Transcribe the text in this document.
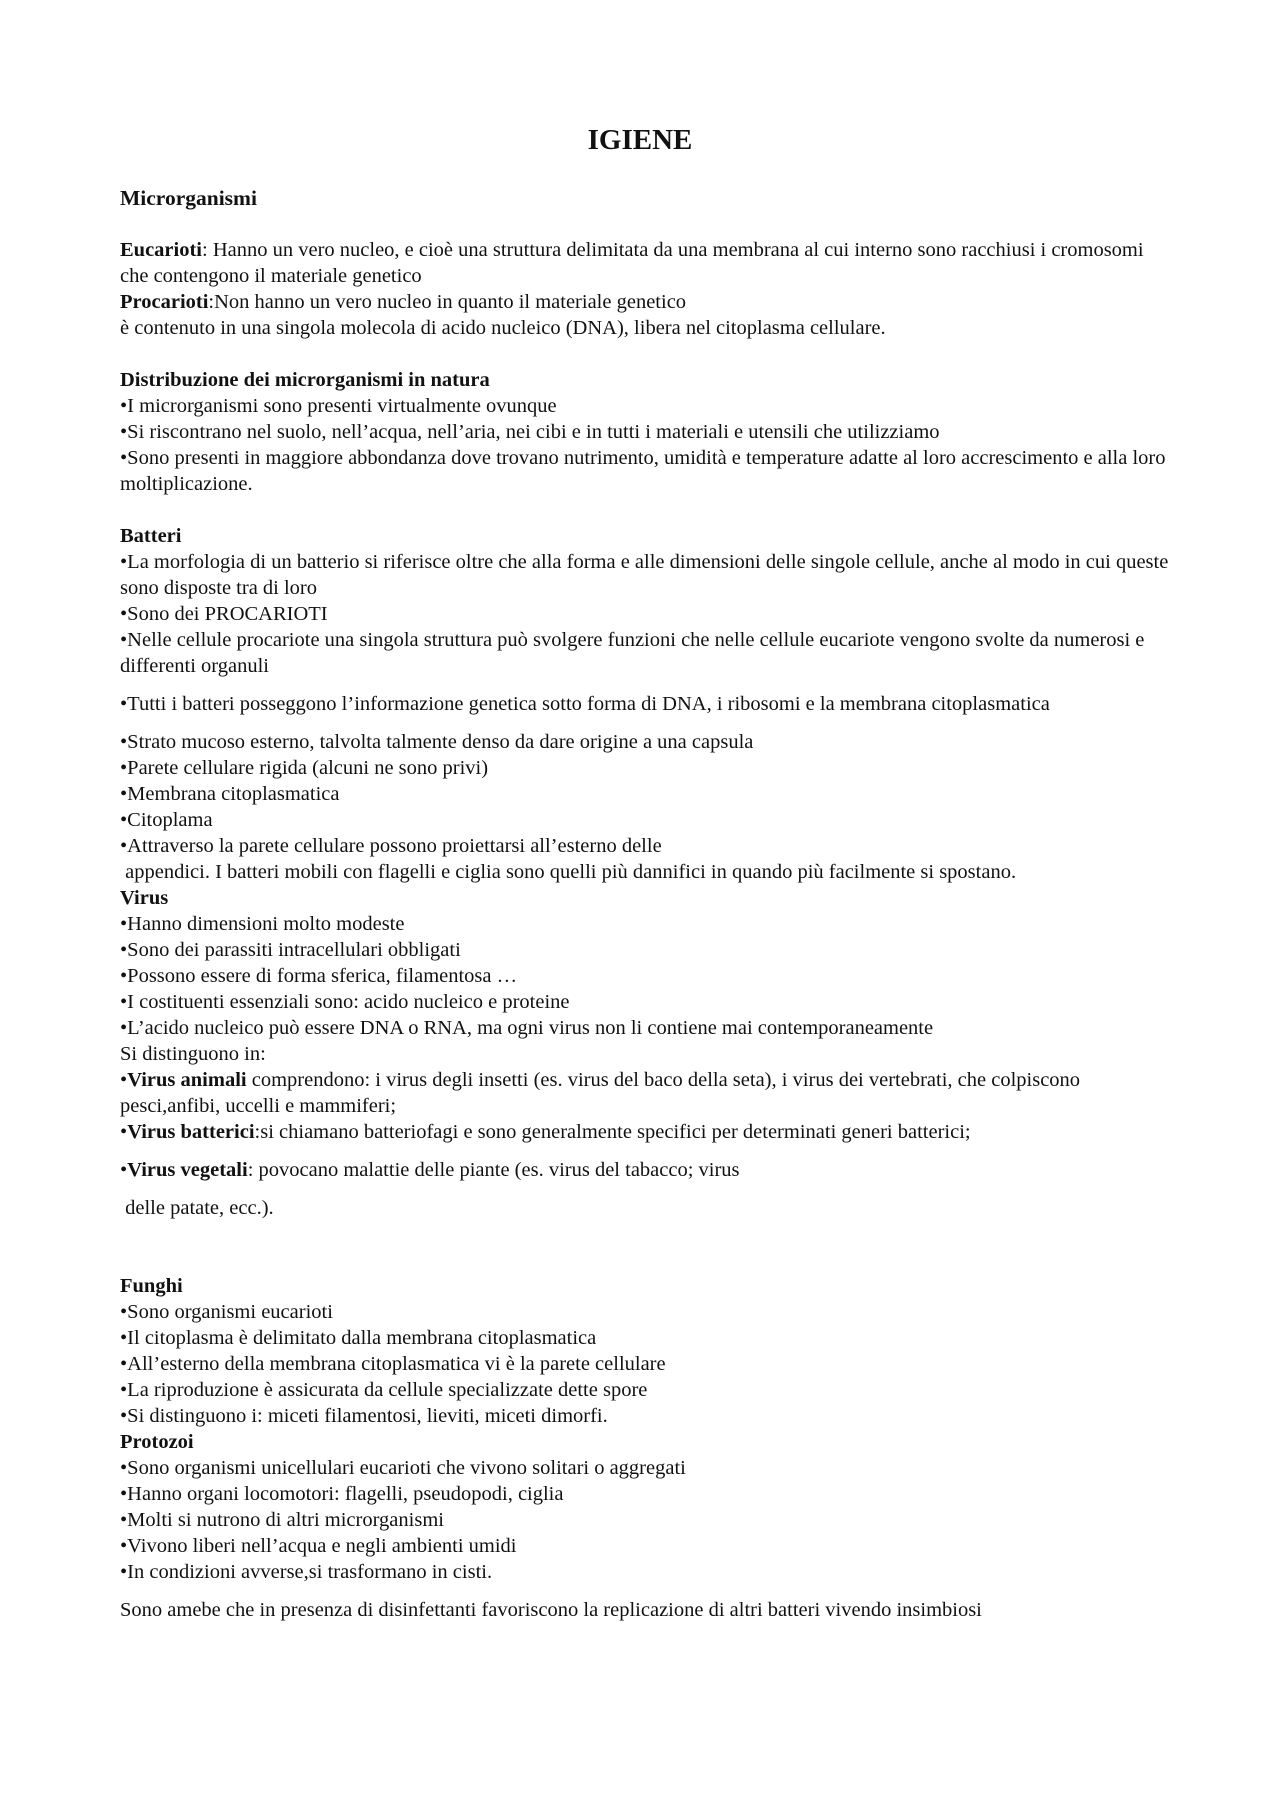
IGIENE

Microrganismi

Eucarioti: Hanno un vero nucleo, e cioè una struttura delimitata da una membrana al cui interno sono racchiusi i cromosomi che contengono il materiale genetico

Procarioti:Non hanno un vero nucleo in quanto il materiale genetico

è contenuto in una singola molecola di acido nucleico (DNA), libera nel citoplasma cellulare.

Distribuzione dei microrganismi in natura

•I microrganismi sono presenti virtualmente ovunque

•Si riscontrano nel suolo, nell’acqua, nell’aria, nei cibi e in tutti i materiali e utensili che utilizziamo

•Sono presenti in maggiore abbondanza dove trovano nutrimento, umidità e temperature adatte al loro accrescimento e alla loro moltiplicazione.

Batteri

•La morfologia di un batterio si riferisce oltre che alla forma e alle dimensioni delle singole cellule, anche al modo in cui queste sono disposte tra di loro

•Sono dei PROCARIOTI

•Nelle cellule procariote una singola struttura può svolgere funzioni che nelle cellule eucariote vengono svolte da numerosi e differenti organuli

•Tutti i batteri posseggono l’informazione genetica sotto forma di DNA, i ribosomi e la membrana citoplasmatica

•Strato mucoso esterno, talvolta talmente denso da dare origine a una capsula

•Parete cellulare rigida (alcuni ne sono privi)

•Membrana citoplasmatica

•Citoplama

•Attraverso la parete cellulare possono proiettarsi all’esterno delle

appendici. I batteri mobili con flagelli e ciglia sono quelli più dannifici in quando più facilmente si spostano.

Virus

•Hanno dimensioni molto modeste

•Sono dei parassiti intracellulari obbligati

•Possono essere di forma sferica, filamentosa …

•I costituenti essenziali sono: acido nucleico e proteine

•L’acido nucleico può essere DNA o RNA, ma ogni virus non li contiene mai contemporaneamente

Si distinguono in:

•Virus animali comprendono: i virus degli insetti (es. virus del baco della seta), i virus dei vertebrati, che colpiscono pesci,anfibi, uccelli e mammiferi;

•Virus batterici:si chiamano batteriofagi e sono generalmente specifici per determinati generi batterici;

•Virus vegetali: povocano malattie delle piante (es. virus del tabacco; virus

delle patate, ecc.).

Funghi

•Sono organismi eucarioti

•Il citoplasma è delimitato dalla membrana citoplasmatica

•All’esterno della membrana citoplasmatica vi è la parete cellulare

•La riproduzione è assicurata da cellule specializzate dette spore

•Si distinguono i: miceti filamentosi, lieviti, miceti dimorfi.

Protozoi

•Sono organismi unicellulari eucarioti che vivono solitari o aggregati

•Hanno organi locomotori: flagelli, pseudopodi, ciglia

•Molti si nutrono di altri microrganismi

•Vivono liberi nell’acqua e negli ambienti umidi

•In condizioni avverse,si trasformano in cisti.

Sono amebe che in presenza di disinfettanti favoriscono la replicazione di altri batteri vivendo insimbiosi
